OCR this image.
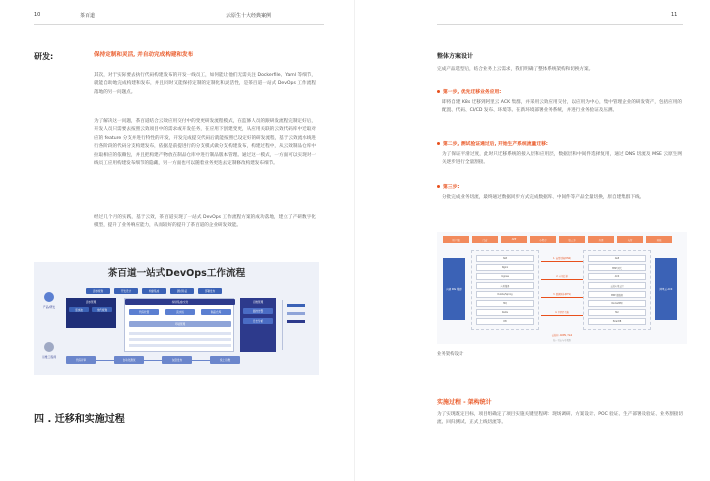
10	茶百道	云原生十大经典案例
研发:	保持定制和灵活, 并自动完成构建和发布
其次，对于实际要去执行代码构建发布的开发一线员工，如何能让他们无需关注 Dockerfile、Yaml 等细节，就能自助地完成构建和发布，并且同时又能保持定制的定制化和灵活性，是茶百道一站式 DevOps 工作流程落地的另一问题点。
为了解决这一问题，茶百道结合云效应用交付中的变更研发流程模式，在监修人员的跟研发流程完制定好后，开发人员只需要去按照云效项目中的需求或开发任务，在应用下创建变更，从应用关联的云效代码库中迁取对应的 feature 分支并进行特性的开发，开发完成提交代码后就能按照已设定好的研发流程，基于云效流水线进行各阶段的代码分支构建发布，依据是前提进行的分支模式做分支构建发布，构建过程中，从云效制品仓库中拉取相应的依赖包，并且把构建产物放在制品仓库中进行制品版本管理。通过这一模式，一方面可以实现对一线员工应用构建发布细节的隐藏，另一方面也可以随着业务更迭去定制修改构建发布细节。
经过几个月的实践，基于云效，茶百道实现了一站式 DevOps 工作流程方案的成功落地，建立了产研数字化模型，提升了业务响应能力，从而较好的提升了茶百道的企业研发效能。
茶百道一站式DevOps工作流程
需求规划	开发设计	构建集成	测试验证	部署发布
产品/研发
运维工程师
需求管理
需求池	迭代规划
持续集成/交付
代码托管	流水线	制品仓库
环境管理
运维管理
监控告警
日志分析
代码评审	自动化测试	灰度发布	线上运维
四 . 迁移和实施过程
11
整体方案设计
完成产品选型后，结合业务上云需求，我们明确了整体系统架构和切换方案。
第一步, 优先迁移业务应用:
即将自建 K8s 迁移到阿里云 ACK 集群，并采用云效应用交付，以应用为中心，集中管理企业的研发资产，包括应用的配置、代码、CI/CD 发布、环境等。在新环境部署业务系统，并进行业务验证及压测。
第二步, 测试验证通过后, 开始生产系统流量迁移:
为了保证平滑过度，此时只迁移系统的接入层和应用层，数据层和中间件选择复用，通过 DNS 切流及 MSE 云原生网关逐步进行全量割接。
第三步:
分批完成业务切流，最终通过数据同步方式完成数据库、中间件等产品全量切换，原自建集群下线。
业务架构设计
实施过程 - 架构统计
为了实现既定目标，项目组确定了项目实施关键里程碑：现场调研、方案设计、POC 验证、生产部署及验证、业务割接切流、回归测试、正式上线切流等。
用户端	门店	APP	小程序	第三方	外卖	支付	其他
自建 K8s 集群	阿里云 ACK
SLB
Nginx
Ingress
应用服务
Dubbo/Spring
MQ
Redis
DB
ALB
MSE 网关
ACK
云效应用交付
MSE 微服务
RocketMQ
Tair
PolarDB
1. 流量切换(DNS)
2. 应用迁移
3. 数据同步(DTS)
4. 中间件替换
云监控: ARMS / SLS
统一日志与可观测
